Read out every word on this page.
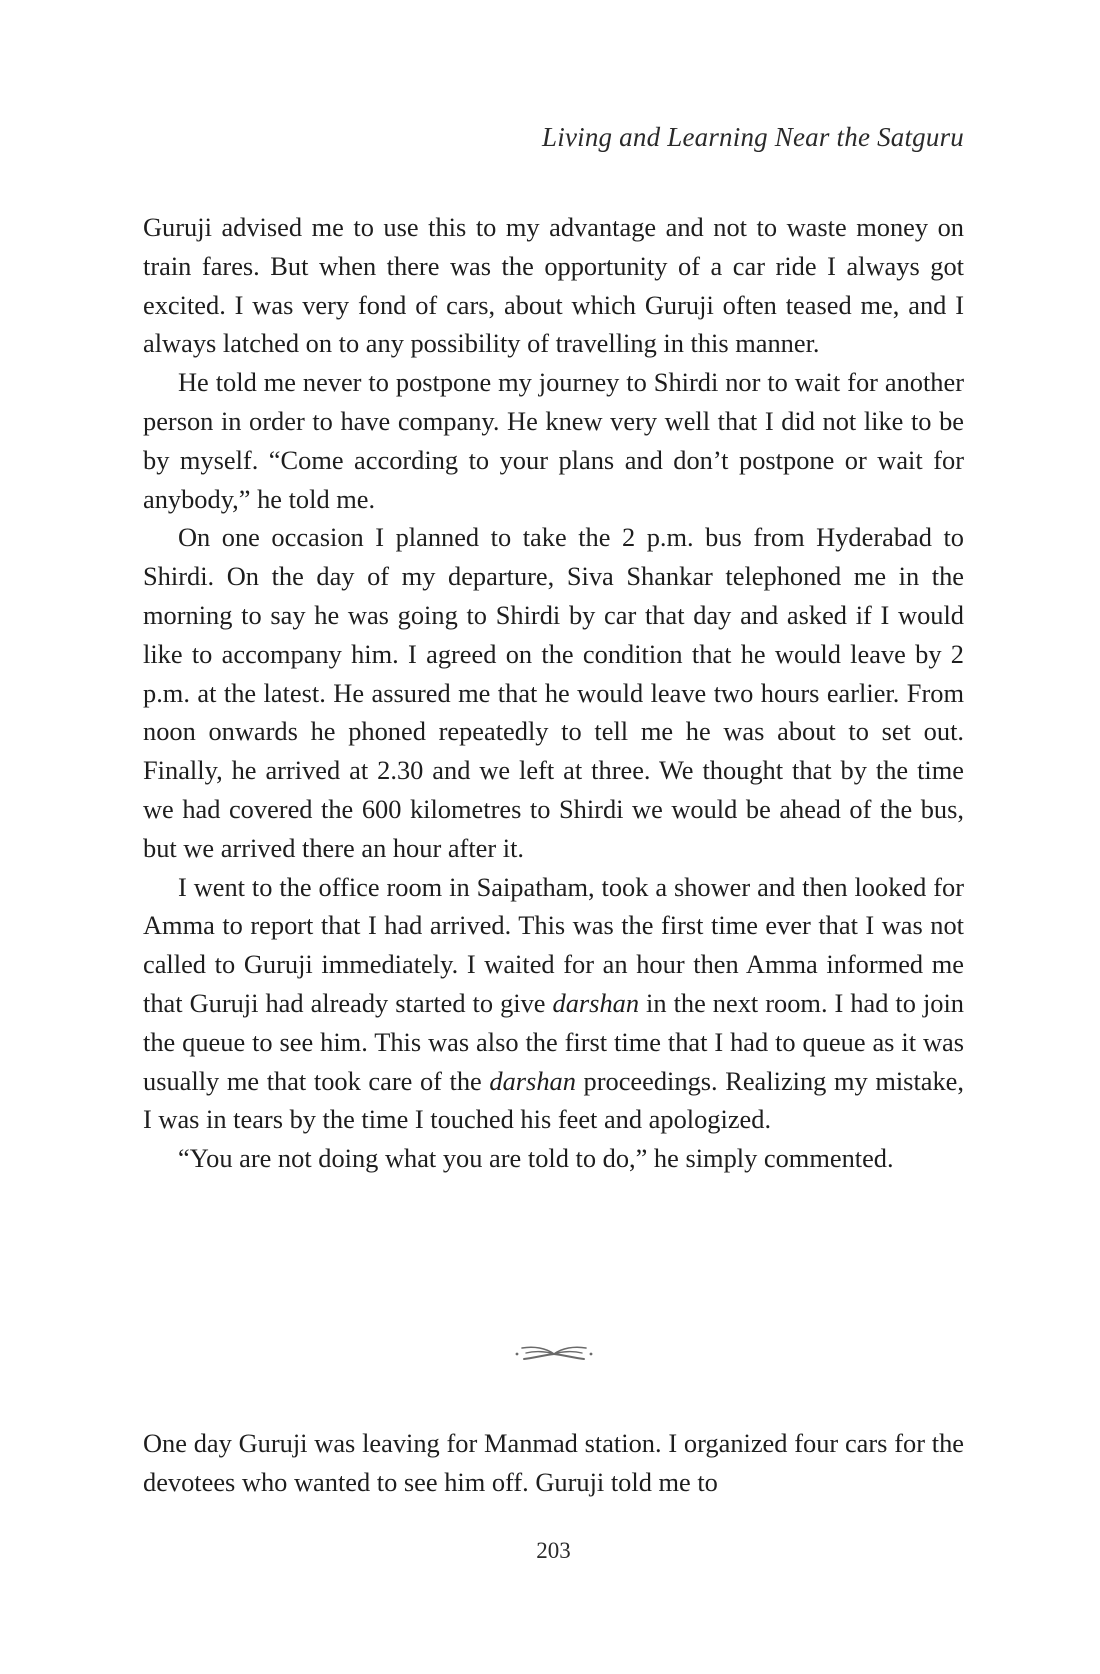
Living and Learning Near the Satguru

Guruji advised me to use this to my advantage and not to waste money on train fares. But when there was the opportunity of a car ride I always got excited. I was very fond of cars, about which Guruji often teased me, and I always latched on to any possibility of travelling in this manner.

He told me never to postpone my journey to Shirdi nor to wait for another person in order to have company. He knew very well that I did not like to be by myself. “Come according to your plans and don’t postpone or wait for anybody,” he told me.

On one occasion I planned to take the 2 p.m. bus from Hyderabad to Shirdi. On the day of my departure, Siva Shankar telephoned me in the morning to say he was going to Shirdi by car that day and asked if I would like to accompany him. I agreed on the condition that he would leave by 2 p.m. at the latest. He assured me that he would leave two hours earlier. From noon onwards he phoned repeatedly to tell me he was about to set out. Finally, he arrived at 2.30 and we left at three. We thought that by the time we had covered the 600 kilometres to Shirdi we would be ahead of the bus, but we arrived there an hour after it.

I went to the office room in Saipatham, took a shower and then looked for Amma to report that I had arrived. This was the first time ever that I was not called to Guruji immediately. I waited for an hour then Amma informed me that Guruji had already started to give darshan in the next room. I had to join the queue to see him. This was also the first time that I had to queue as it was usually me that took care of the darshan proceedings. Realizing my mistake, I was in tears by the time I touched his feet and apologized.

“You are not doing what you are told to do,” he simply commented.

One day Guruji was leaving for Manmad station. I organized four cars for the devotees who wanted to see him off. Guruji told me to

203
